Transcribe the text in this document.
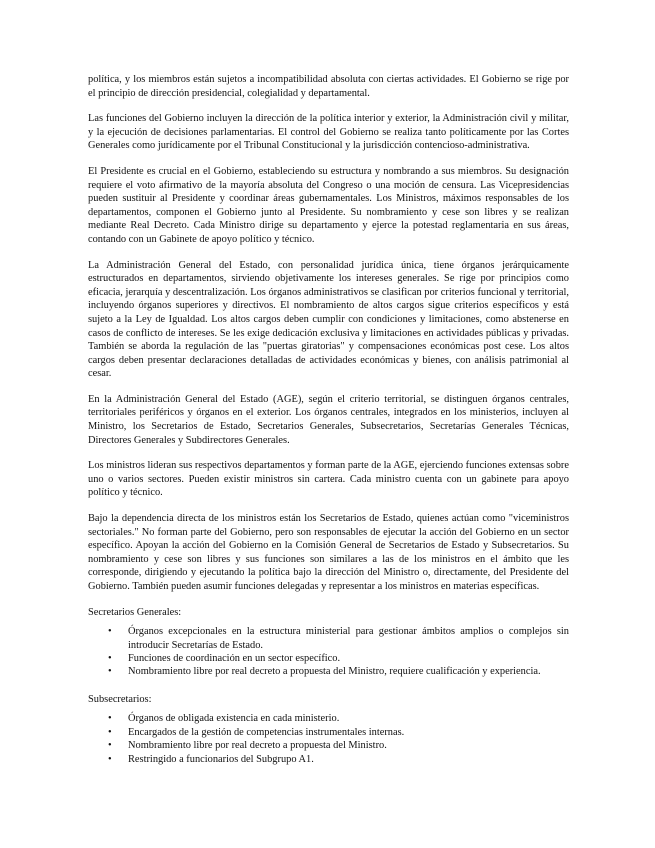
política, y los miembros están sujetos a incompatibilidad absoluta con ciertas actividades. El Gobierno se rige por el principio de dirección presidencial, colegialidad y departamental.

Las funciones del Gobierno incluyen la dirección de la política interior y exterior, la Administración civil y militar, y la ejecución de decisiones parlamentarias. El control del Gobierno se realiza tanto políticamente por las Cortes Generales como jurídicamente por el Tribunal Constitucional y la jurisdicción contencioso-administrativa.

El Presidente es crucial en el Gobierno, estableciendo su estructura y nombrando a sus miembros. Su designación requiere el voto afirmativo de la mayoría absoluta del Congreso o una moción de censura. Las Vicepresidencias pueden sustituir al Presidente y coordinar áreas gubernamentales. Los Ministros, máximos responsables de los departamentos, componen el Gobierno junto al Presidente. Su nombramiento y cese son libres y se realizan mediante Real Decreto. Cada Ministro dirige su departamento y ejerce la potestad reglamentaria en sus áreas, contando con un Gabinete de apoyo político y técnico.

La Administración General del Estado, con personalidad jurídica única, tiene órganos jerárquicamente estructurados en departamentos, sirviendo objetivamente los intereses generales. Se rige por principios como eficacia, jerarquía y descentralización. Los órganos administrativos se clasifican por criterios funcional y territorial, incluyendo órganos superiores y directivos. El nombramiento de altos cargos sigue criterios específicos y está sujeto a la Ley de Igualdad. Los altos cargos deben cumplir con condiciones y limitaciones, como abstenerse en casos de conflicto de intereses. Se les exige dedicación exclusiva y limitaciones en actividades públicas y privadas. También se aborda la regulación de las "puertas giratorias" y compensaciones económicas post cese. Los altos cargos deben presentar declaraciones detalladas de actividades económicas y bienes, con análisis patrimonial al cesar.

En la Administración General del Estado (AGE), según el criterio territorial, se distinguen órganos centrales, territoriales periféricos y órganos en el exterior. Los órganos centrales, integrados en los ministerios, incluyen al Ministro, los Secretarios de Estado, Secretarios Generales, Subsecretarios, Secretarías Generales Técnicas, Directores Generales y Subdirectores Generales.

Los ministros lideran sus respectivos departamentos y forman parte de la AGE, ejerciendo funciones extensas sobre uno o varios sectores. Pueden existir ministros sin cartera. Cada ministro cuenta con un gabinete para apoyo político y técnico.

Bajo la dependencia directa de los ministros están los Secretarios de Estado, quienes actúan como "viceministros sectoriales." No forman parte del Gobierno, pero son responsables de ejecutar la acción del Gobierno en un sector específico. Apoyan la acción del Gobierno en la Comisión General de Secretarios de Estado y Subsecretarios. Su nombramiento y cese son libres y sus funciones son similares a las de los ministros en el ámbito que les corresponde, dirigiendo y ejecutando la política bajo la dirección del Ministro o, directamente, del Presidente del Gobierno. También pueden asumir funciones delegadas y representar a los ministros en materias específicas.

Secretarios Generales:

• Órganos excepcionales en la estructura ministerial para gestionar ámbitos amplios o complejos sin introducir Secretarías de Estado.
• Funciones de coordinación en un sector específico.
• Nombramiento libre por real decreto a propuesta del Ministro, requiere cualificación y experiencia.

Subsecretarios:

• Órganos de obligada existencia en cada ministerio.
• Encargados de la gestión de competencias instrumentales internas.
• Nombramiento libre por real decreto a propuesta del Ministro.
• Restringido a funcionarios del Subgrupo A1.
